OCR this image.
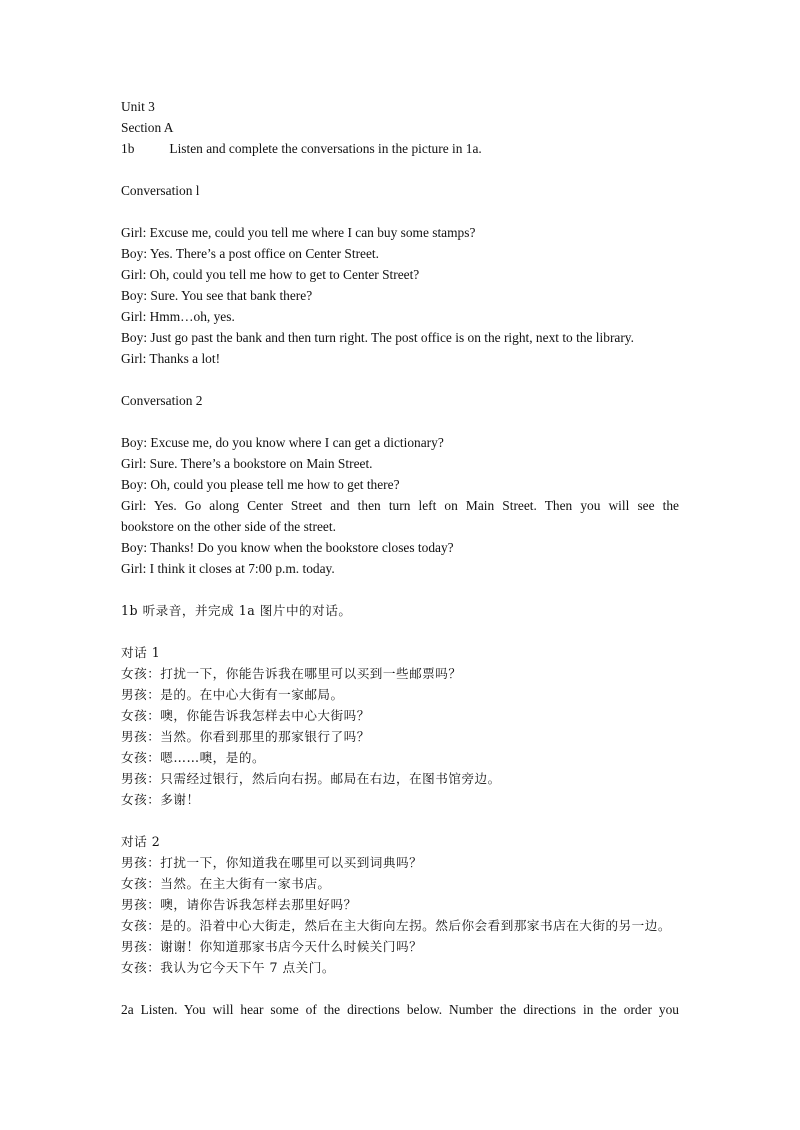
Unit 3
Section A
1b	Listen and complete the conversations in the picture in 1a.
Conversation l
Girl: Excuse me, could you tell me where I can buy some stamps?
Boy: Yes. There’s a post office on Center Street.
Girl: Oh, could you tell me how to get to Center Street?
Boy: Sure. You see that bank there?
Girl: Hmm…oh, yes.
Boy: Just go past the bank and then turn right. The post office is on the right, next to the library.
Girl: Thanks a lot!
Conversation 2
Boy: Excuse me, do you know where I can get a dictionary?
Girl: Sure. There’s a bookstore on Main Street.
Boy: Oh, could you please tell me how to get there?
Girl: Yes. Go along Center Street and then turn left on Main Street. Then you will see the
bookstore on the other side of the street.
Boy: Thanks! Do you know when the bookstore closes today?
Girl: I think it closes at 7:00 p.m. today.
1b 听录音，并完成 1a 图片中的对话。
对话 1
女孩：打扰一下，你能告诉我在哪里可以买到一些邮票吗？
男孩：是的。在中心大街有一家邮局。
女孩：噢，你能告诉我怎样去中心大街吗？
男孩：当然。你看到那里的那家银行了吗？
女孩：嗯……噢，是的。
男孩：只需经过银行，然后向右拐。邮局在右边，在图书馆旁边。
女孩：多谢！
对话 2
男孩：打扰一下，你知道我在哪里可以买到词典吗？
女孩：当然。在主大街有一家书店。
男孩：噢，请你告诉我怎样去那里好吗？
女孩：是的。沿着中心大街走，然后在主大街向左拐。然后你会看到那家书店在大街的另一边。
男孩：谢谢！你知道那家书店今天什么时候关门吗？
女孩：我认为它今天下午 7 点关门。
2a Listen. You will hear some of the directions below. Number the directions in the order you
